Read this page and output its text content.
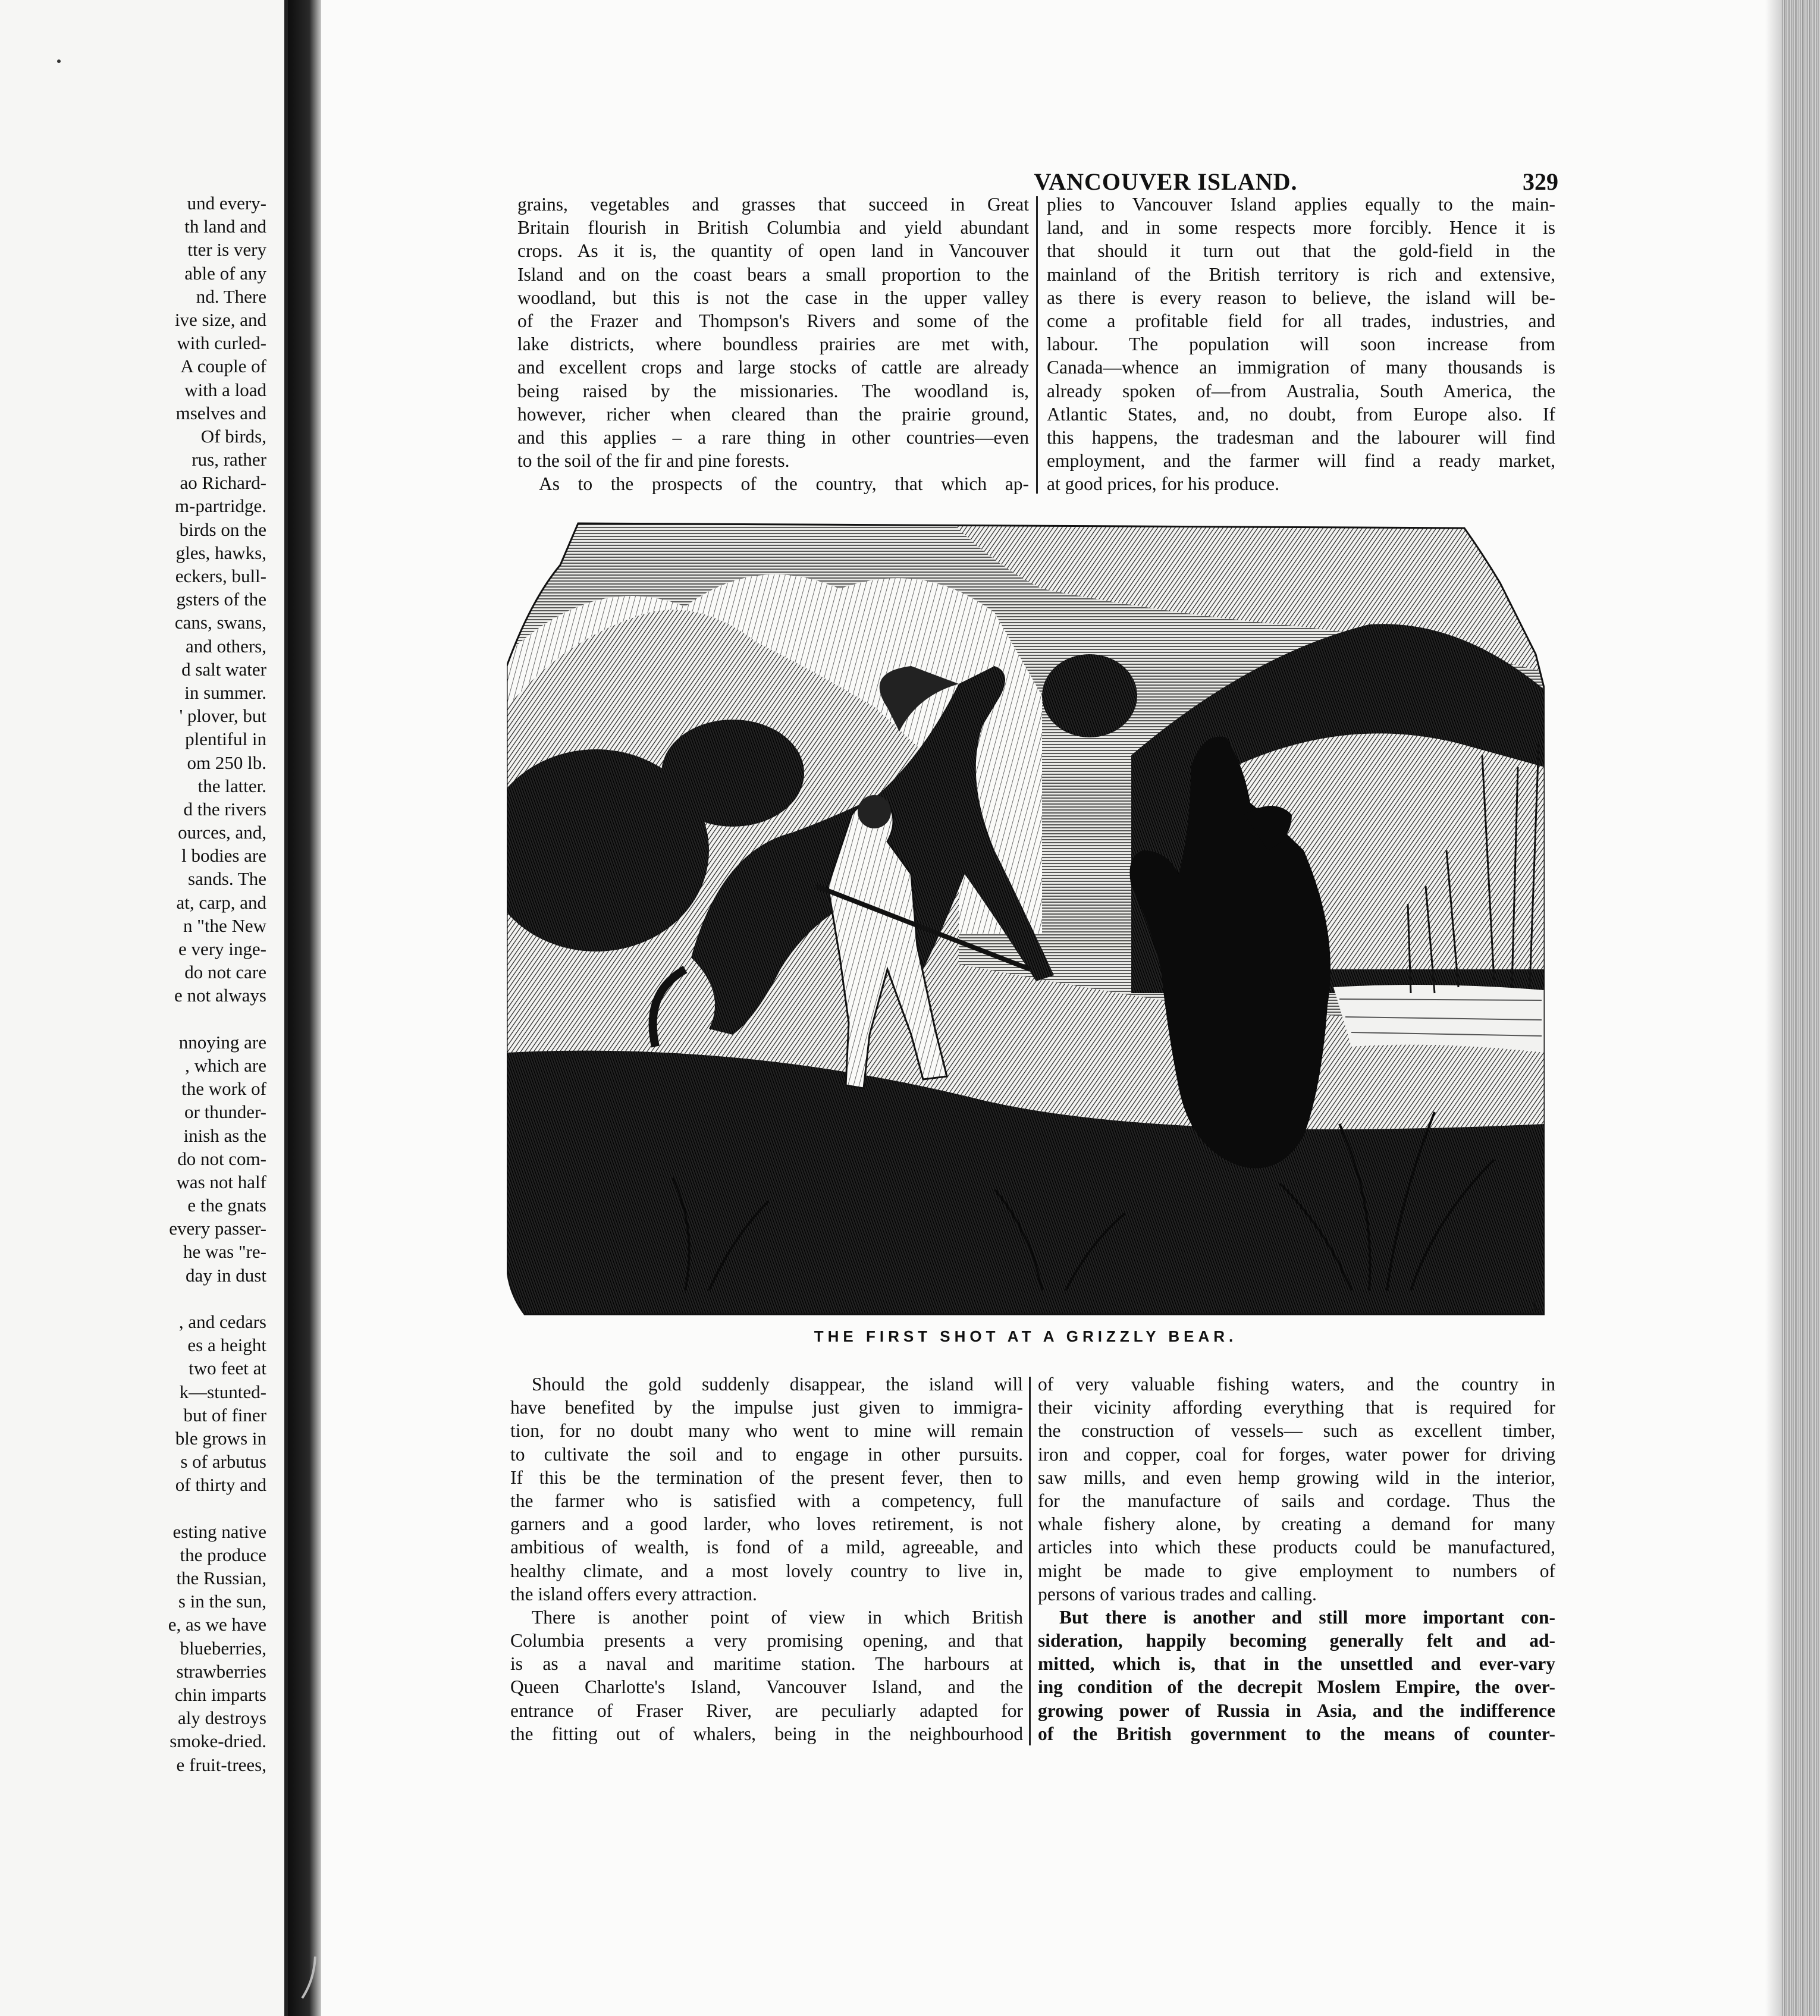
und every-
th land and
tter is very
able of any
nd. There
ive size, and
with curled-
A couple of
with a load
mselves and
Of birds,
rus, rather
ao Richard-
m-partridge.
birds on the
gles, hawks,
eckers, bull-
gsters of the
cans, swans,
and others,
d salt water
in summer.
' plover, but
plentiful in
om 250 lb.
the latter.
d the rivers
ources, and,
l bodies are
sands. The
at, carp, and
n "the New
e very inge-
do not care
e not always
nnoying are
, which are
the work of
or thunder-
inish as the
do not com-
was not half
e the gnats
every passer-
he was "re-
day in dust
, and cedars
es a height
two feet at
k—stunted-
but of finer
ble grows in
s of arbutus
of thirty and
esting native
the produce
the Russian,
s in the sun,
e, as we have
blueberries,
strawberries
chin imparts
aly destroys
smoke-dried.
e fruit-trees,
VANCOUVER ISLAND.	329
grains, vegetables and grasses that succeed in Great
Britain flourish in British Columbia and yield abundant
crops. As it is, the quantity of open land in Vancouver
Island and on the coast bears a small proportion to the
woodland, but this is not the case in the upper valley
of the Frazer and Thompson's Rivers and some of the
lake districts, where boundless prairies are met with,
and excellent crops and large stocks of cattle are already
being raised by the missionaries. The woodland is,
however, richer when cleared than the prairie ground,
and this applies – a rare thing in other countries—even
to the soil of the fir and pine forests.
As to the prospects of the country, that which ap-
plies to Vancouver Island applies equally to the main-
land, and in some respects more forcibly. Hence it is
that should it turn out that the gold-field in the
mainland of the British territory is rich and extensive,
as there is every reason to believe, the island will be-
come a profitable field for all trades, industries, and
labour. The population will soon increase from
Canada—whence an immigration of many thousands is
already spoken of—from Australia, South America, the
Atlantic States, and, no doubt, from Europe also. If
this happens, the tradesman and the labourer will find
employment, and the farmer will find a ready market,
at good prices, for his produce.
L
THE FIRST SHOT AT A GRIZZLY BEAR.
Should the gold suddenly disappear, the island will
have benefited by the impulse just given to immigra-
tion, for no doubt many who went to mine will remain
to cultivate the soil and to engage in other pursuits.
If this be the termination of the present fever, then to
the farmer who is satisfied with a competency, full
garners and a good larder, who loves retirement, is not
ambitious of wealth, is fond of a mild, agreeable, and
healthy climate, and a most lovely country to live in,
the island offers every attraction.
There is another point of view in which British
Columbia presents a very promising opening, and that
is as a naval and maritime station. The harbours at
Queen Charlotte's Island, Vancouver Island, and the
entrance of Fraser River, are peculiarly adapted for
the fitting out of whalers, being in the neighbourhood
of very valuable fishing waters, and the country in
their vicinity affording everything that is required for
the construction of vessels— such as excellent timber,
iron and copper, coal for forges, water power for driving
saw mills, and even hemp growing wild in the interior,
for the manufacture of sails and cordage. Thus the
whale fishery alone, by creating a demand for many
articles into which these products could be manufactured,
might be made to give employment to numbers of
persons of various trades and calling.
But there is another and still more important con-
sideration, happily becoming generally felt and ad-
mitted, which is, that in the unsettled and ever-vary
ing condition of the decrepit Moslem Empire, the over-
growing power of Russia in Asia, and the indifference
of the British government to the means of counter-
